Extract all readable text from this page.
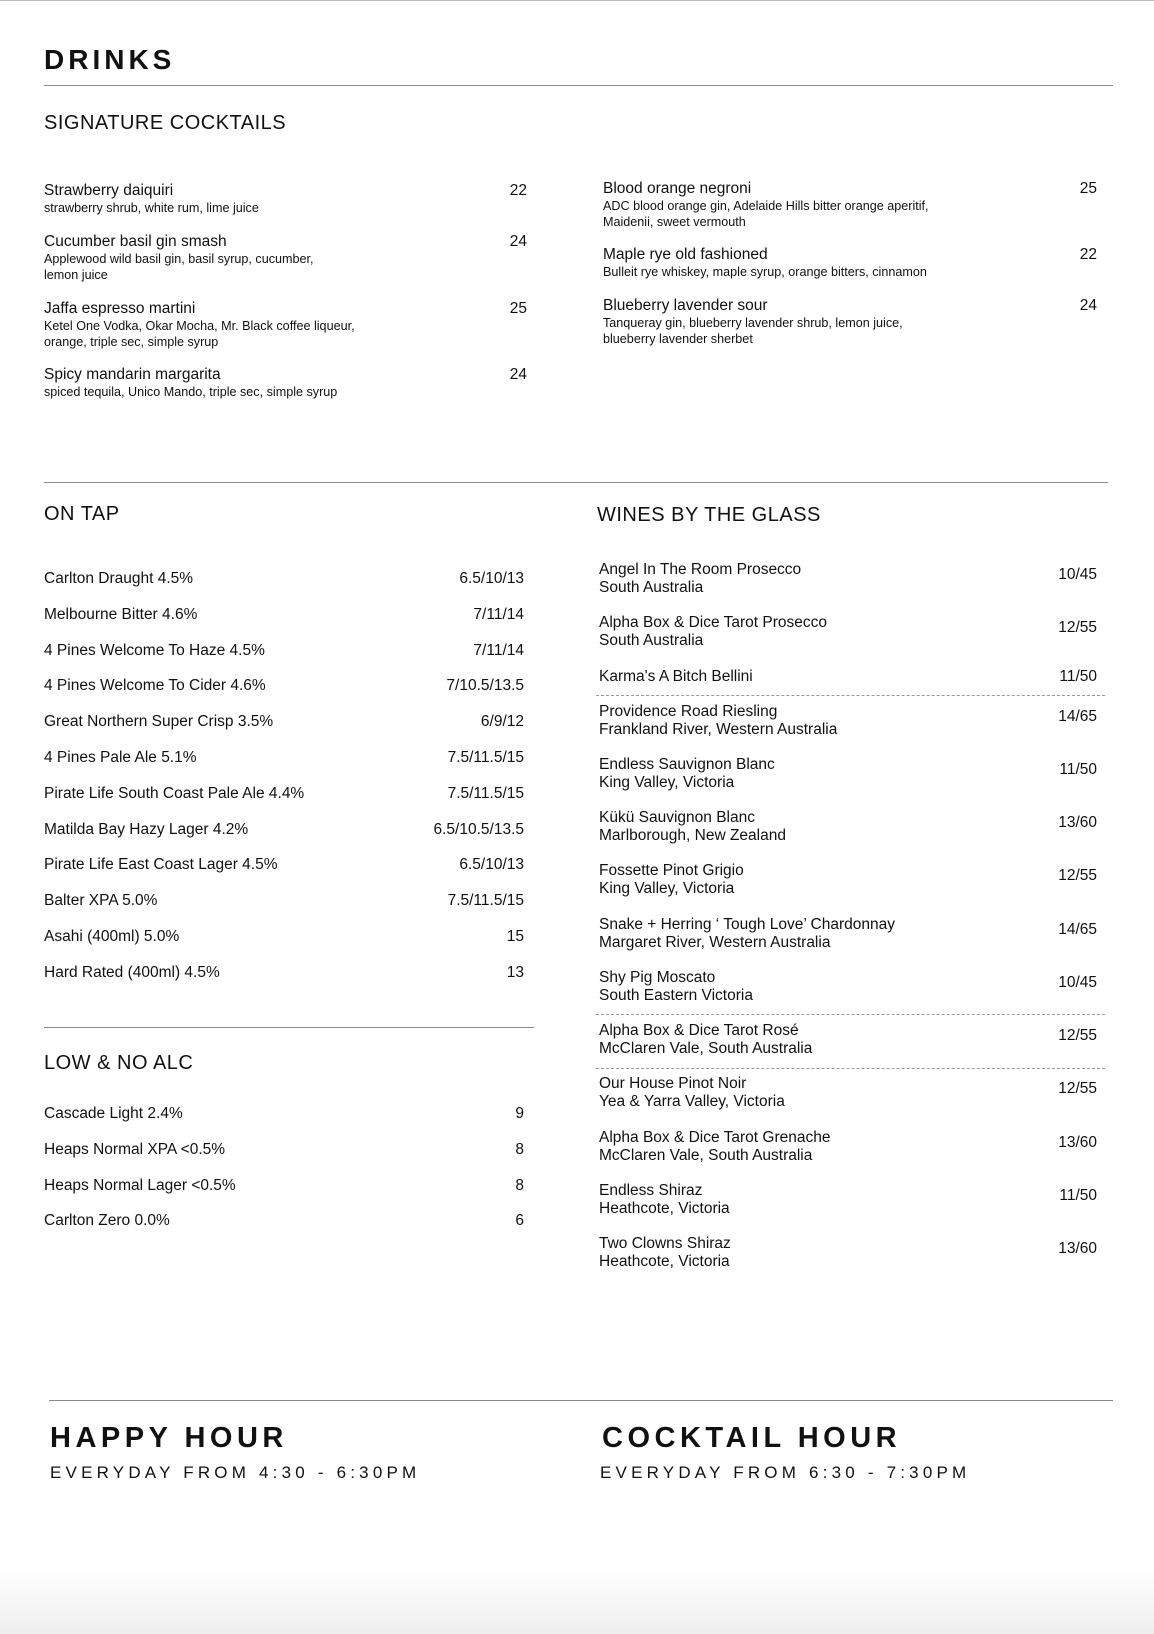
DRINKS
SIGNATURE COCKTAILS
Strawberry daiquiri
strawberry shrub, white rum, lime juice
22
Cucumber basil gin smash
Applewood wild basil gin, basil syrup, cucumber,
lemon juice
24
Jaffa espresso martini
Ketel One Vodka, Okar Mocha, Mr. Black coffee liqueur,
orange, triple sec, simple syrup
25
Spicy mandarin margarita
spiced tequila, Unico Mando, triple sec, simple syrup
24
Blood orange negroni
ADC blood orange gin, Adelaide Hills bitter orange aperitif,
Maidenii, sweet vermouth
25
Maple rye old fashioned
Bulleit rye whiskey, maple syrup, orange bitters, cinnamon
22
Blueberry lavender sour
Tanqueray gin, blueberry lavender shrub, lemon juice,
blueberry lavender sherbet
24
ON TAP
Carlton Draught 4.5%	6.5/10/13
Melbourne Bitter 4.6%	7/11/14
4 Pines Welcome To Haze 4.5%	7/11/14
4 Pines Welcome To Cider 4.6%	7/10.5/13.5
Great Northern Super Crisp 3.5%	6/9/12
4 Pines Pale Ale 5.1%	7.5/11.5/15
Pirate Life South Coast Pale Ale 4.4%	7.5/11.5/15
Matilda Bay Hazy Lager 4.2%	6.5/10.5/13.5
Pirate Life East Coast Lager 4.5%	6.5/10/13
Balter XPA 5.0%	7.5/11.5/15
Asahi (400ml) 5.0%	15
Hard Rated (400ml) 4.5%	13
LOW & NO ALC
Cascade Light 2.4%	9
Heaps Normal XPA <0.5%	8
Heaps Normal Lager <0.5%	8
Carlton Zero 0.0%	6
WINES BY THE GLASS
Angel In The Room Prosecco
South Australia
10/45
Alpha Box & Dice Tarot Prosecco
South Australia
12/55
Karma's A Bitch Bellini	11/50
Providence Road Riesling
Frankland River, Western Australia
14/65
Endless Sauvignon Blanc
King Valley, Victoria
11/50
Kükü Sauvignon Blanc
Marlborough, New Zealand
13/60
Fossette Pinot Grigio
King Valley, Victoria
12/55
Snake + Herring ‘ Tough Love’ Chardonnay
Margaret River, Western Australia
14/65
Shy Pig Moscato
South Eastern Victoria
10/45
Alpha Box & Dice Tarot Rosé
McClaren Vale, South Australia
12/55
Our House Pinot Noir
Yea & Yarra Valley, Victoria
12/55
Alpha Box & Dice Tarot Grenache
McClaren Vale, South Australia
13/60
Endless Shiraz
Heathcote, Victoria
11/50
Two Clowns Shiraz
Heathcote, Victoria
13/60
HAPPY HOUR
EVERYDAY FROM 4:30 - 6:30PM
COCKTAIL HOUR
EVERYDAY FROM 6:30 - 7:30PM
